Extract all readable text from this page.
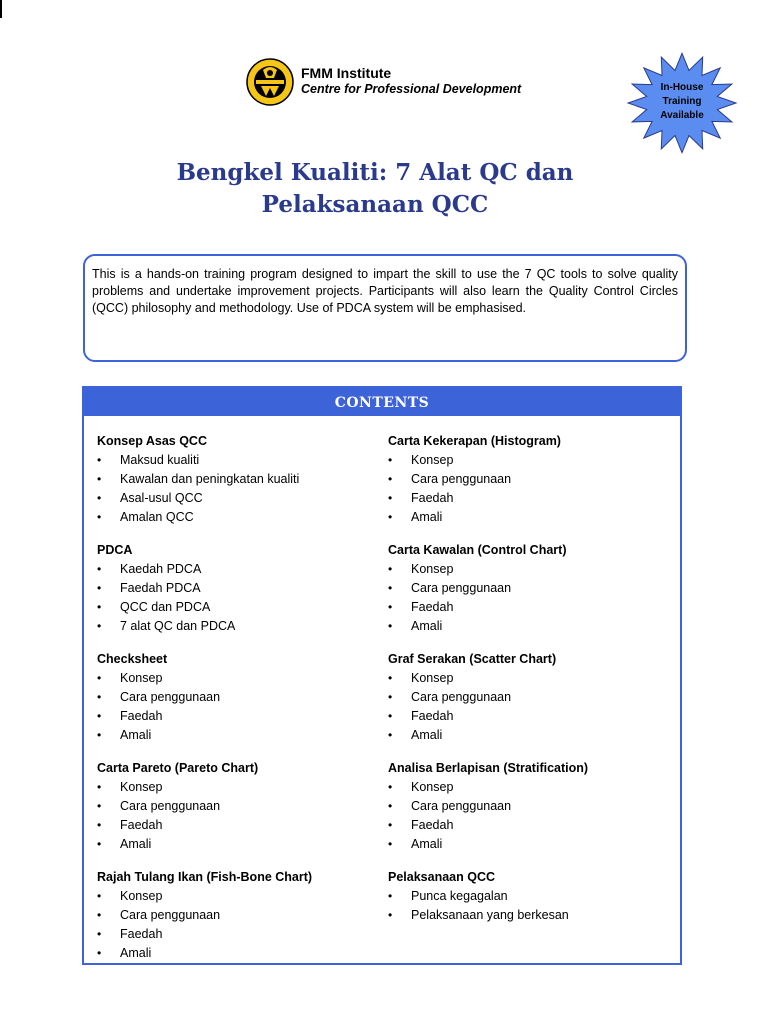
FMM Institute
Centre for Professional Development	In-House
Training
Available
Bengkel Kualiti: 7 Alat QC dan
Pelaksanaan QCC
This is a hands-on training program designed to impart the skill to use the 7 QC tools to solve quality problems and undertake improvement projects. Participants will also learn the Quality Control Circles (QCC) philosophy and methodology. Use of PDCA system will be emphasised.
CONTENTS
Konsep Asas QCC
• Maksud kualiti
• Kawalan dan peningkatan kualiti
• Asal-usul QCC
• Amalan QCC
PDCA
• Kaedah PDCA
• Faedah PDCA
• QCC dan PDCA
• 7 alat QC dan PDCA
Checksheet
• Konsep
• Cara penggunaan
• Faedah
• Amali
Carta Pareto (Pareto Chart)
• Konsep
• Cara penggunaan
• Faedah
• Amali
Rajah Tulang Ikan (Fish-Bone Chart)
• Konsep
• Cara penggunaan
• Faedah
• Amali
Carta Kekerapan (Histogram)
• Konsep
• Cara penggunaan
• Faedah
• Amali
Carta Kawalan (Control Chart)
• Konsep
• Cara penggunaan
• Faedah
• Amali
Graf Serakan (Scatter Chart)
• Konsep
• Cara penggunaan
• Faedah
• Amali
Analisa Berlapisan (Stratification)
• Konsep
• Cara penggunaan
• Faedah
• Amali
Pelaksanaan QCC
• Punca kegagalan
• Pelaksanaan yang berkesan
